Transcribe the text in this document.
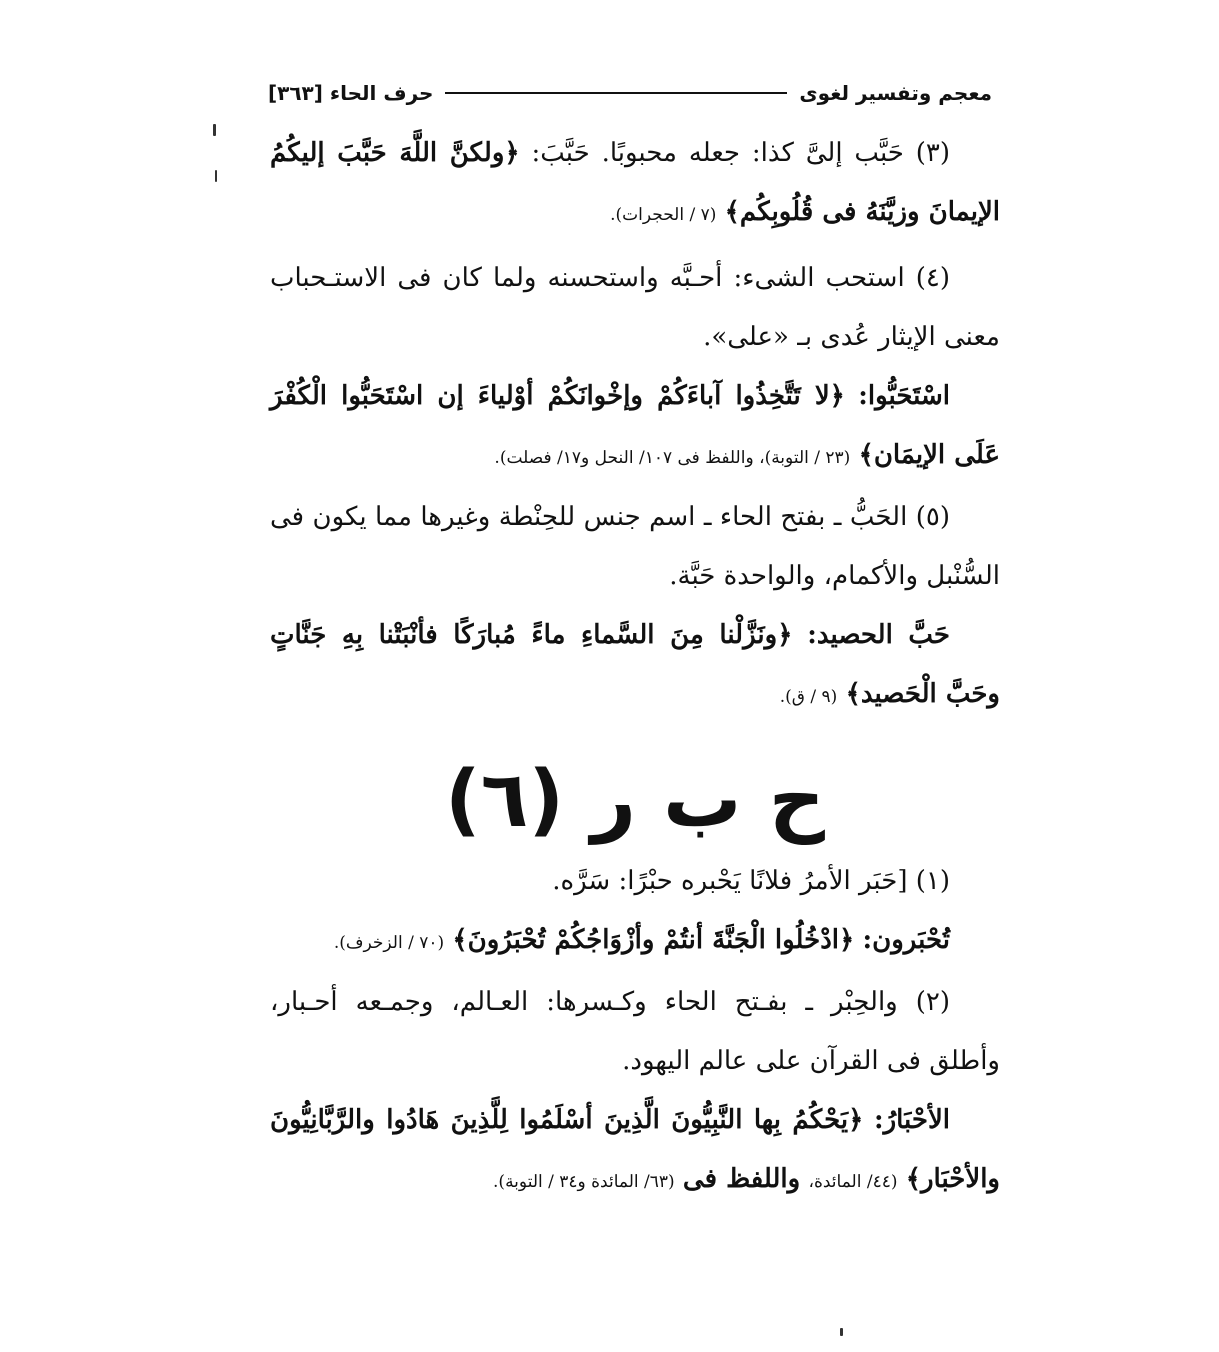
معجم وتفسير لغوى
حرف الحاء [٣٦٣]

(٣) حَبَّب إلىَّ كذا: جعله محبوبًا. حَبَّبَ: ﴿ولكنَّ اللَّهَ حَبَّبَ إليكُمُ الإيمانَ وزيَّنَهُ فى قُلُوبِكُم﴾ (٧ / الحجرات).

(٤) استحب الشىء: أحـبَّه واستحسنه ولما كان فى الاستـحباب معنى الإيثار عُدى بـ «على».

اسْتَحَبُّوا: ﴿لا تَتَّخِذُوا آباءَكُمْ وإخْوانَكُمْ أوْلياءَ إن اسْتَحَبُّوا الْكُفْرَ عَلَى الإيمَان﴾ (٢٣ / التوبة)، واللفظ فى ١٠٧/ النحل و١٧/ فصلت).

(٥) الحَبُّ ـ بفتح الحاء ـ اسم جنس للحِنْطة وغيرها مما يكون فى السُّنْبل والأكمام، والواحدة حَبَّة.

حَبَّ الحصيد: ﴿ونَزَّلْنا مِنَ السَّماءِ ماءً مُبارَكًا فأنْبَتْنا بِهِ جَنَّاتٍ وحَبَّ الْحَصيد﴾ (٩ / ق).

ح ب ر (٦)

(١) [حَبَر الأمرُ فلانًا يَحْبره حبْرًا: سَرَّه.

تُحْبَرون: ﴿ادْخُلُوا الْجَنَّةَ أنتُمْ وأزْوَاجُكُمْ تُحْبَرُونَ﴾ (٧٠ / الزخرف).

(٢) والحِبْر ـ بفـتح الحاء وكـسرها: العـالم، وجمـعه أحـبار، وأطلق فى القرآن على عالم اليهود.

الأحْبَارُ: ﴿يَحْكُمُ بِها النَّبِيُّونَ الَّذِينَ أسْلَمُوا لِلَّذِينَ هَادُوا والرَّبَّانِيُّونَ والأحْبَار﴾ (٤٤/ المائدة، واللفظ فى (٦٣/ المائدة و٣٤ / التوبة).
